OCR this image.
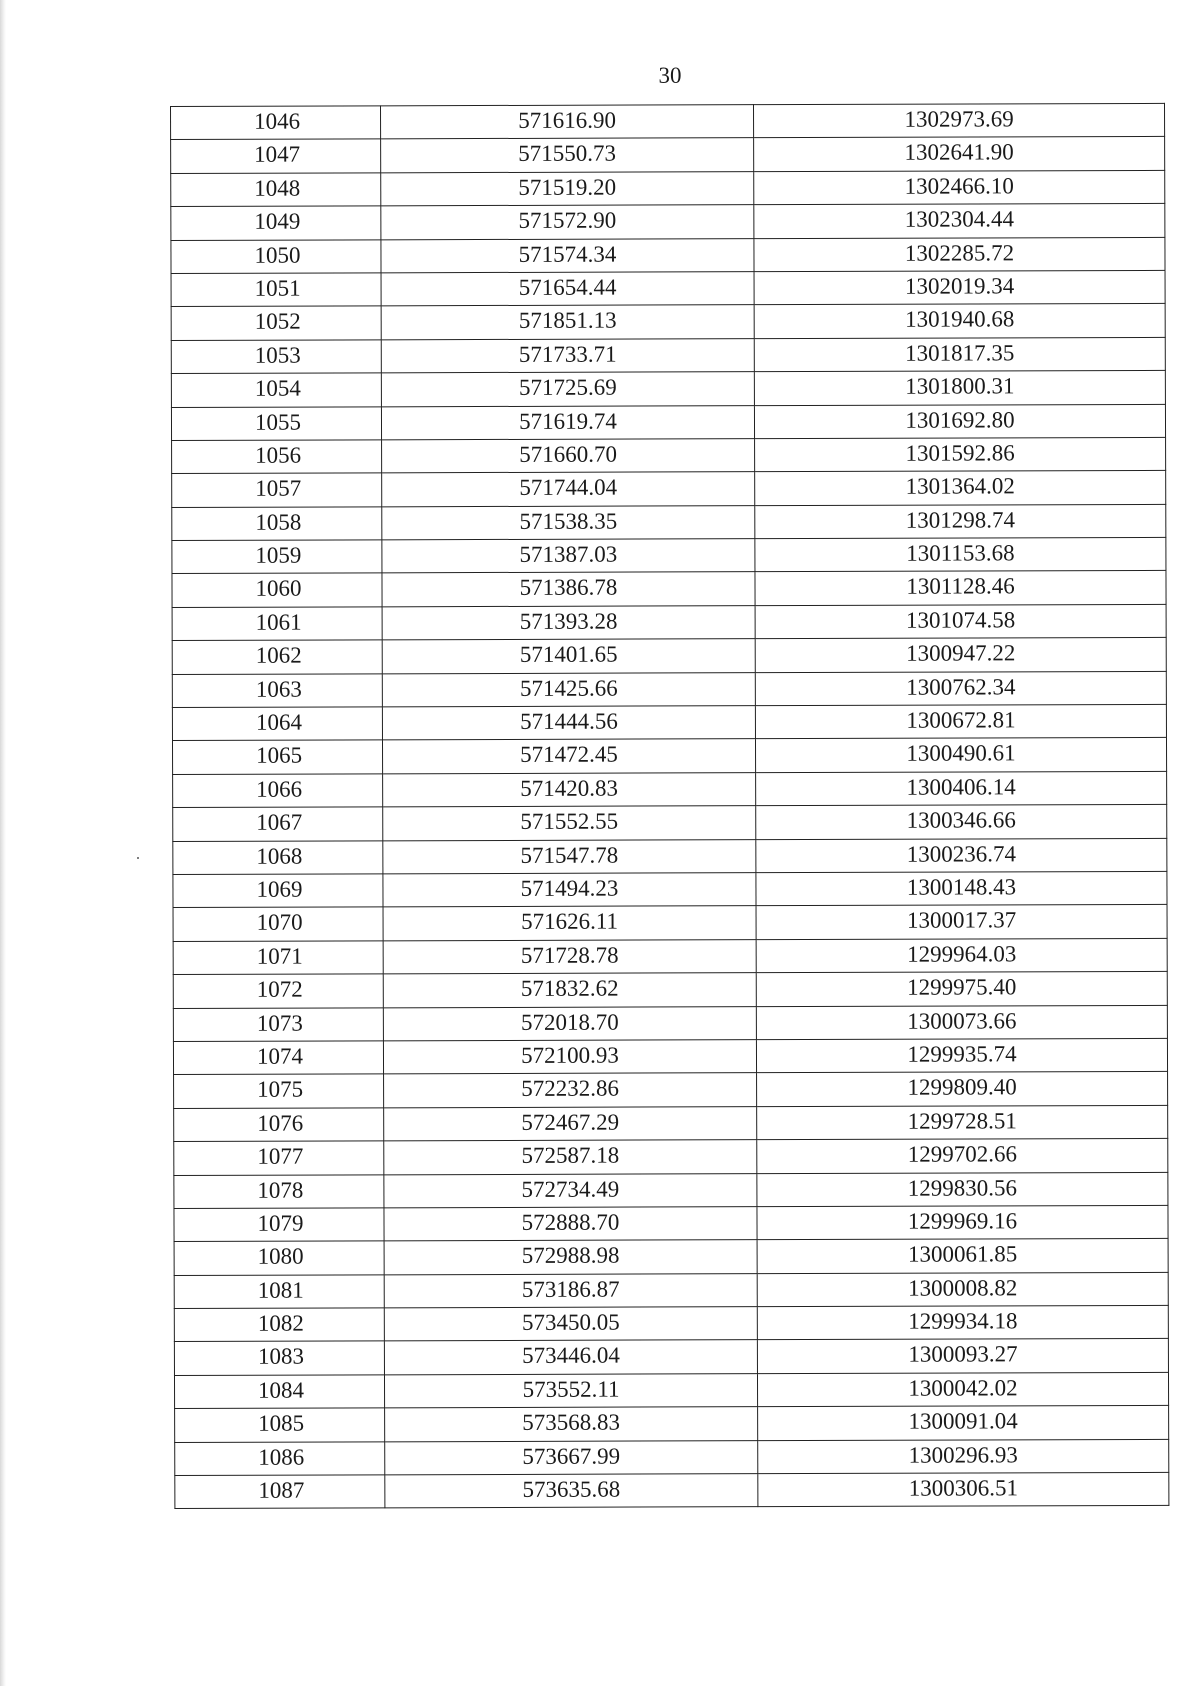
30
1046	571616.90	1302973.69
1047	571550.73	1302641.90
1048	571519.20	1302466.10
1049	571572.90	1302304.44
1050	571574.34	1302285.72
1051	571654.44	1302019.34
1052	571851.13	1301940.68
1053	571733.71	1301817.35
1054	571725.69	1301800.31
1055	571619.74	1301692.80
1056	571660.70	1301592.86
1057	571744.04	1301364.02
1058	571538.35	1301298.74
1059	571387.03	1301153.68
1060	571386.78	1301128.46
1061	571393.28	1301074.58
1062	571401.65	1300947.22
1063	571425.66	1300762.34
1064	571444.56	1300672.81
1065	571472.45	1300490.61
1066	571420.83	1300406.14
1067	571552.55	1300346.66
1068	571547.78	1300236.74
1069	571494.23	1300148.43
1070	571626.11	1300017.37
1071	571728.78	1299964.03
1072	571832.62	1299975.40
1073	572018.70	1300073.66
1074	572100.93	1299935.74
1075	572232.86	1299809.40
1076	572467.29	1299728.51
1077	572587.18	1299702.66
1078	572734.49	1299830.56
1079	572888.70	1299969.16
1080	572988.98	1300061.85
1081	573186.87	1300008.82
1082	573450.05	1299934.18
1083	573446.04	1300093.27
1084	573552.11	1300042.02
1085	573568.83	1300091.04
1086	573667.99	1300296.93
1087	573635.68	1300306.51
